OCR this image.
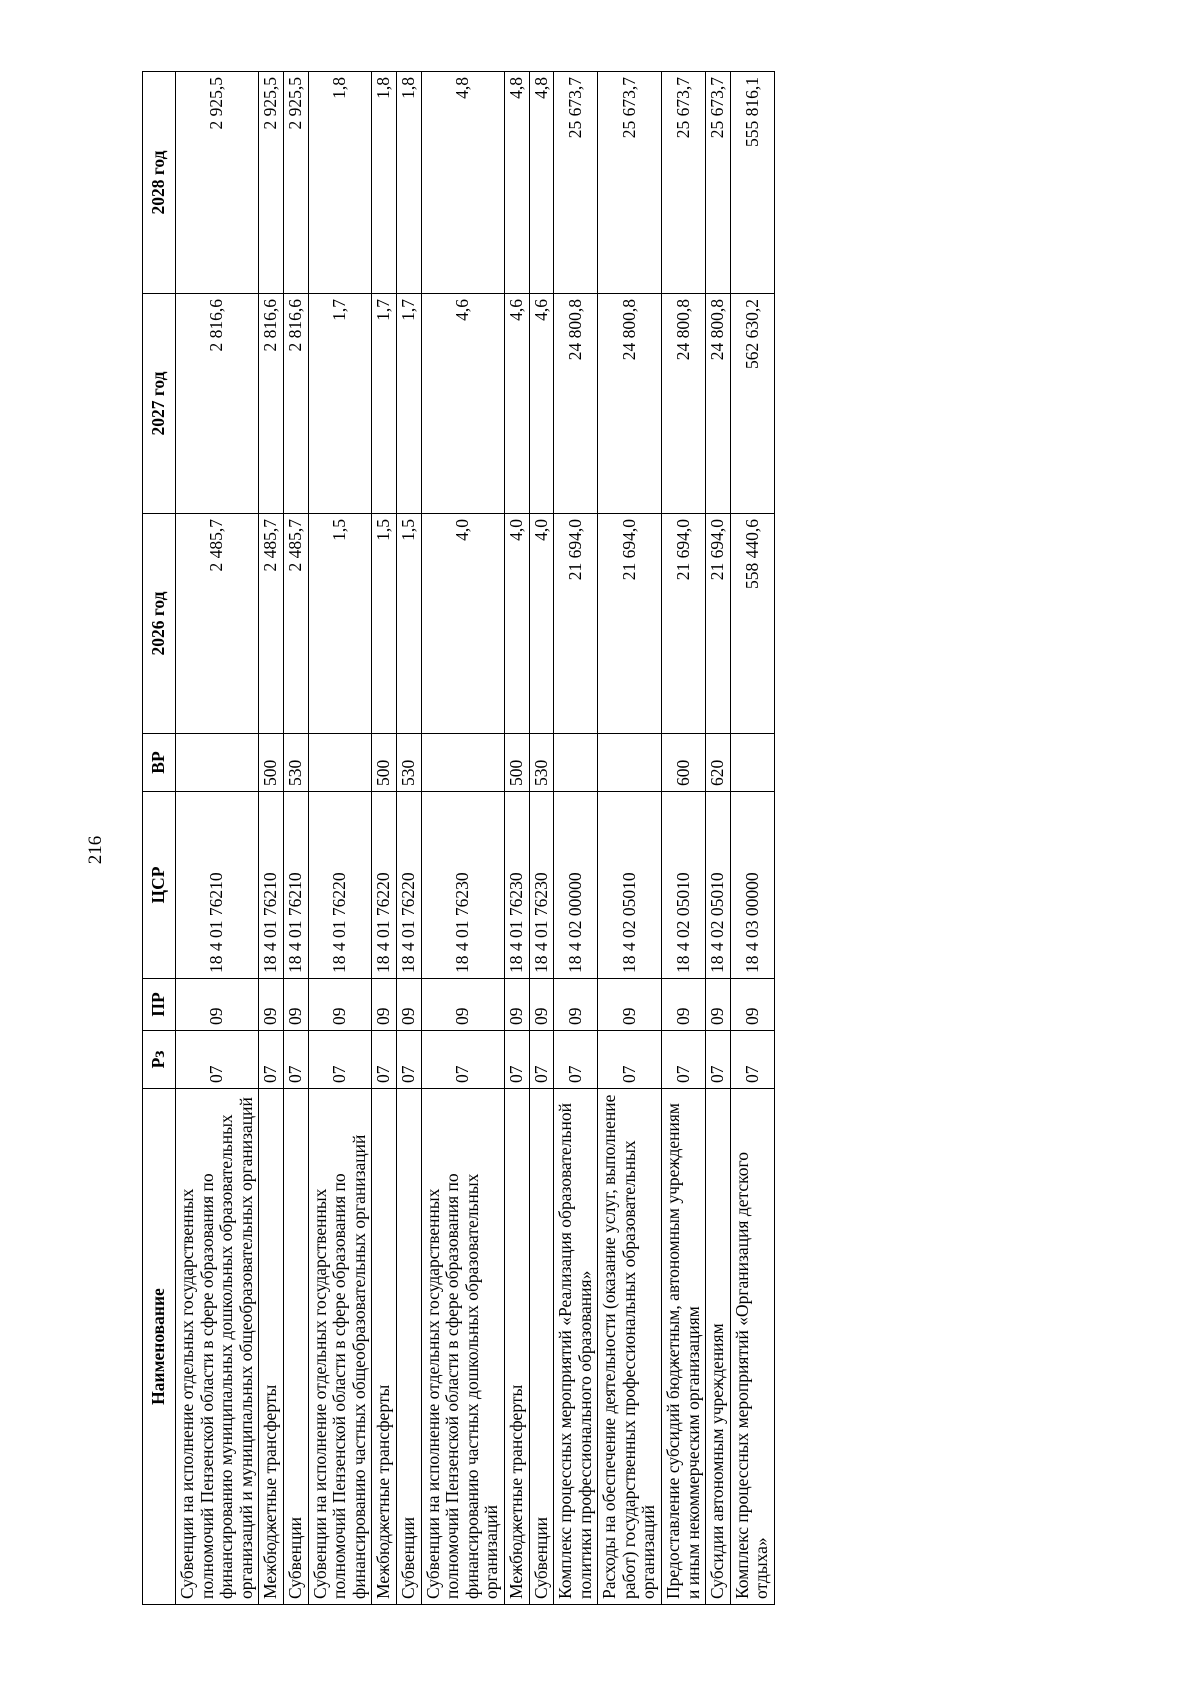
216
Наименование	Рз	ПР	ЦСР	ВР	2026 год	2027 год	2028 год
Субвенции на исполнение отдельных государственных полномочий Пензенской области в сфере образования по финансированию муниципальных дошкольных образовательных организаций и муниципальных общеобразовательных организаций	07	09	18 4 01 76210		2 485,7	2 816,6	2 925,5
Межбюджетные трансферты	07	09	18 4 01 76210	500	2 485,7	2 816,6	2 925,5
Субвенции	07	09	18 4 01 76210	530	2 485,7	2 816,6	2 925,5
Субвенции на исполнение отдельных государственных полномочий Пензенской области в сфере образования по финансированию частных общеобразовательных организаций	07	09	18 4 01 76220		1,5	1,7	1,8
Межбюджетные трансферты	07	09	18 4 01 76220	500	1,5	1,7	1,8
Субвенции	07	09	18 4 01 76220	530	1,5	1,7	1,8
Субвенции на исполнение отдельных государственных полномочий Пензенской области в сфере образования по финансированию частных дошкольных образовательных организаций	07	09	18 4 01 76230		4,0	4,6	4,8
Межбюджетные трансферты	07	09	18 4 01 76230	500	4,0	4,6	4,8
Субвенции	07	09	18 4 01 76230	530	4,0	4,6	4,8
Комплекс процессных мероприятий «Реализация образовательной политики профессионального образования»	07	09	18 4 02 00000		21 694,0	24 800,8	25 673,7
Расходы на обеспечение деятельности (оказание услуг, выполнение работ) государственных профессиональных образовательных организаций	07	09	18 4 02 05010		21 694,0	24 800,8	25 673,7
Предоставление субсидий бюджетным, автономным учреждениям и иным некоммерческим организациям	07	09	18 4 02 05010	600	21 694,0	24 800,8	25 673,7
Субсидии автономным учреждениям	07	09	18 4 02 05010	620	21 694,0	24 800,8	25 673,7
Комплекс процессных мероприятий «Организация детского отдыха»	07	09	18 4 03 00000		558 440,6	562 630,2	555 816,1
